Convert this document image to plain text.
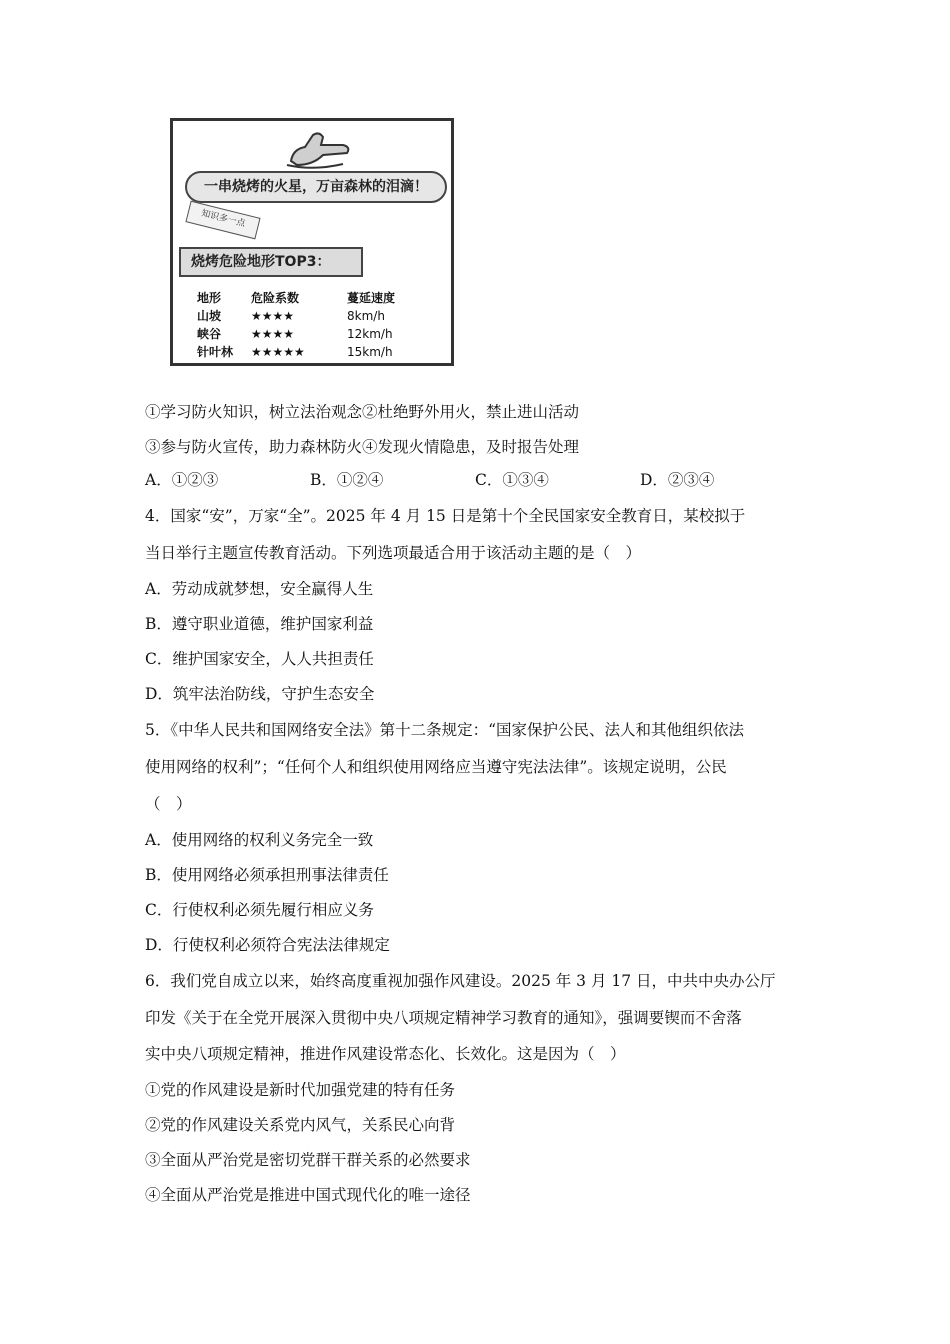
一串烧烤的火星，万亩森林的泪滴！
知识多一点
烧烤危险地形TOP3：
地形	危险系数	蔓延速度
山坡	★★★★	8km/h
峡谷	★★★★	12km/h
针叶林	★★★★★	15km/h
①学习防火知识，树立法治观念②杜绝野外用火，禁止进山活动
③参与防火宣传，助力森林防火④发现火情隐患，及时报告处理
A．①②③	B．①②④	C．①③④	D．②③④
4．国家“安”，万家“全”。2025 年 4 月 15 日是第十个全民国家安全教育日，某校拟于
当日举行主题宣传教育活动。下列选项最适合用于该活动主题的是（　）
A．劳动成就梦想，安全赢得人生
B．遵守职业道德，维护国家利益
C．维护国家安全，人人共担责任
D．筑牢法治防线，守护生态安全
5．《中华人民共和国网络安全法》第十二条规定：“国家保护公民、法人和其他组织依法
使用网络的权利”；“任何个人和组织使用网络应当遵守宪法法律”。该规定说明，公民
（　）
A．使用网络的权利义务完全一致
B．使用网络必须承担刑事法律责任
C．行使权利必须先履行相应义务
D．行使权利必须符合宪法法律规定
6．我们党自成立以来，始终高度重视加强作风建设。2025 年 3 月 17 日，中共中央办公厅
印发《关于在全党开展深入贯彻中央八项规定精神学习教育的通知》，强调要锲而不舍落
实中央八项规定精神，推进作风建设常态化、长效化。这是因为（　）
①党的作风建设是新时代加强党建的特有任务
②党的作风建设关系党内风气，关系民心向背
③全面从严治党是密切党群干群关系的必然要求
④全面从严治党是推进中国式现代化的唯一途径
